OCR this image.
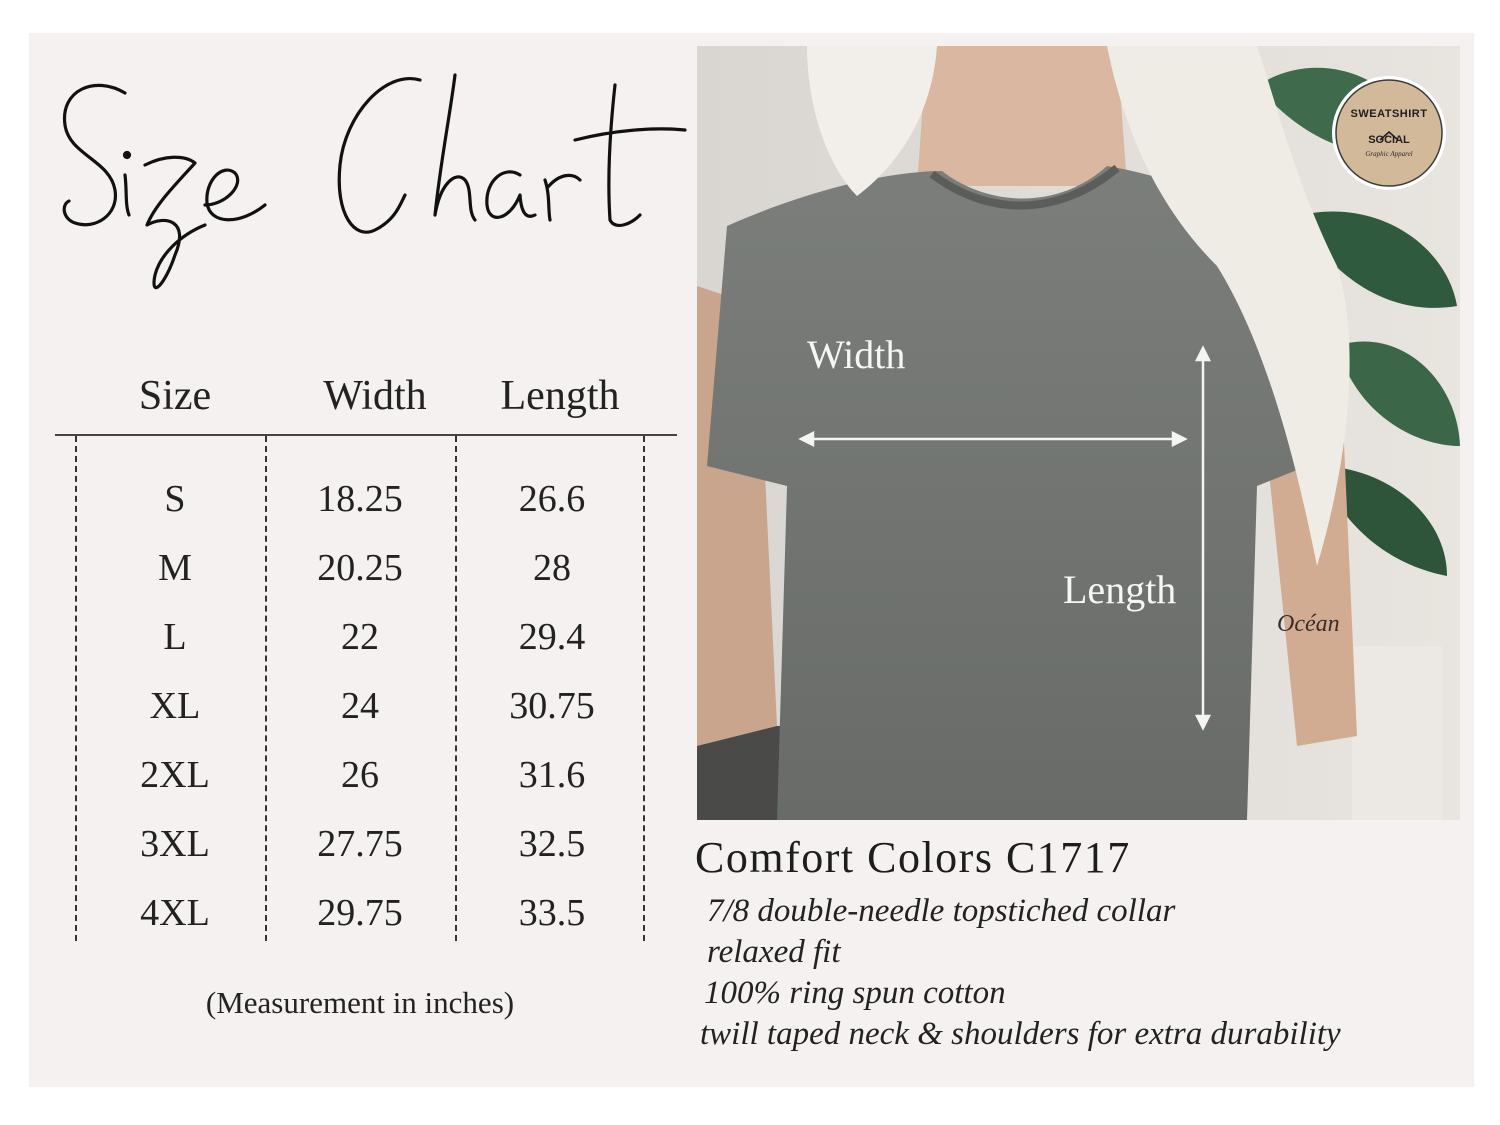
Size	Width	Length
S	18.25	26.6
M	20.25	28
L	22	29.4
XL	24	30.75
2XL	26	31.6
3XL	27.75	32.5
4XL	29.75	33.5
(Measurement in inches)
Width
Length
Océan
SWEATSHIRT
SOCIAL
Graphic Apparel
Comfort Colors C1717
7/8 double-needle topstiched collar
relaxed fit
100% ring spun cotton
twill taped neck & shoulders for extra durability
